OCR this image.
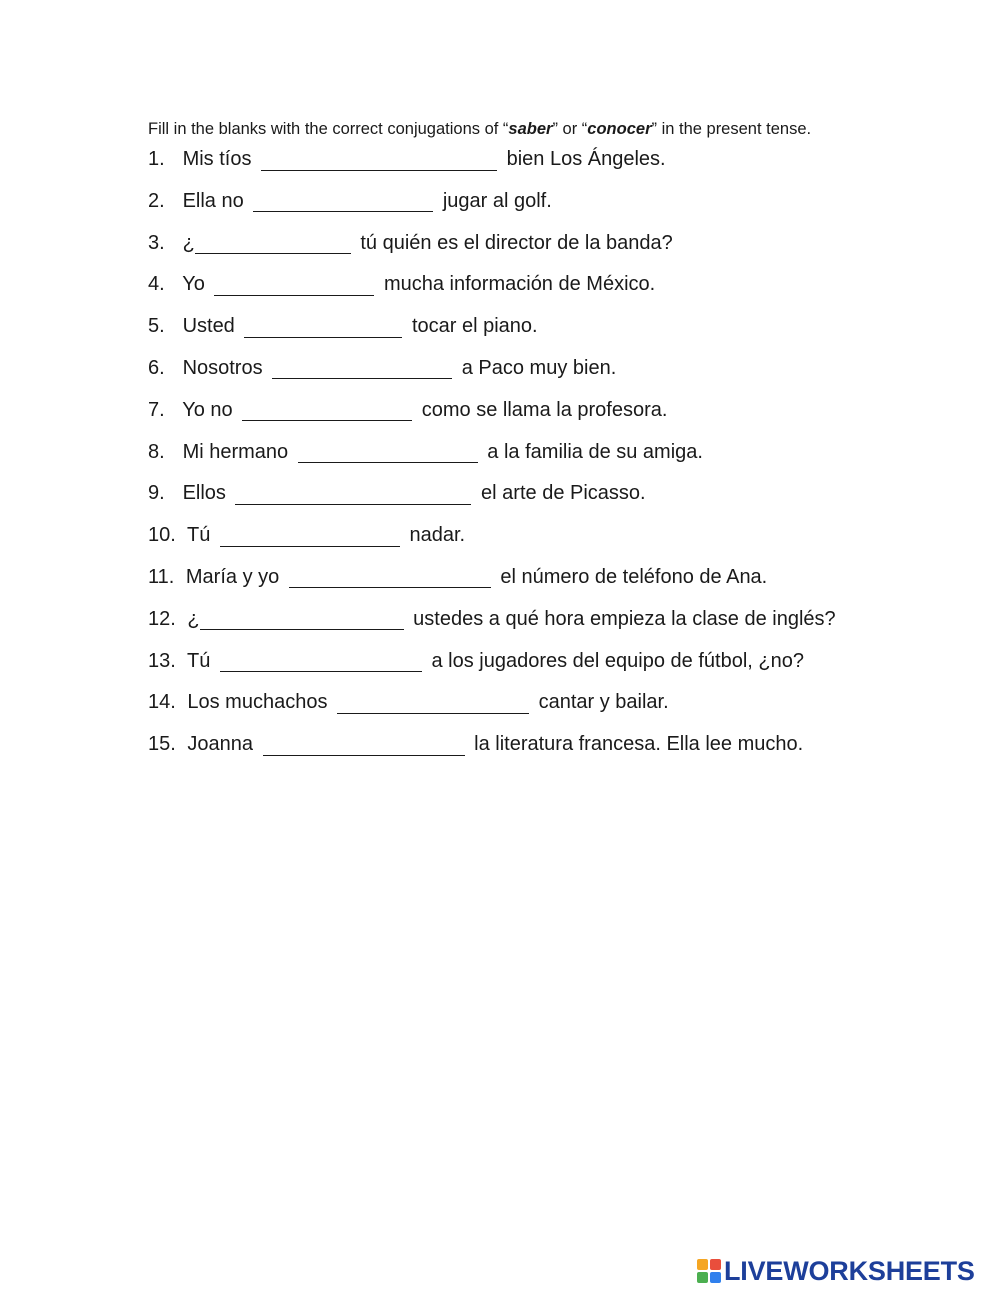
Fill in the blanks with the correct conjugations of “saber” or “conocer” in the present tense.

1. Mis tíos	bien Los Ángeles.
2. Ella no	jugar al golf.
3. ¿	tú quién es el director de la banda?
4. Yo	mucha información de México.
5. Usted	tocar el piano.
6. Nosotros	a Paco muy bien.
7. Yo no	como se llama la profesora.
8. Mi hermano	a la familia de su amiga.
9. Ellos	el arte de Picasso.
10. Tú	nadar.
11. María y yo	el número de teléfono de Ana.
12. ¿	ustedes a qué hora empieza la clase de inglés?
13. Tú	a los jugadores del equipo de fútbol, ¿no?
14. Los muchachos	cantar y bailar.
15. Joanna	la literatura francesa. Ella lee mucho.
LIVEWORKSHEETS
